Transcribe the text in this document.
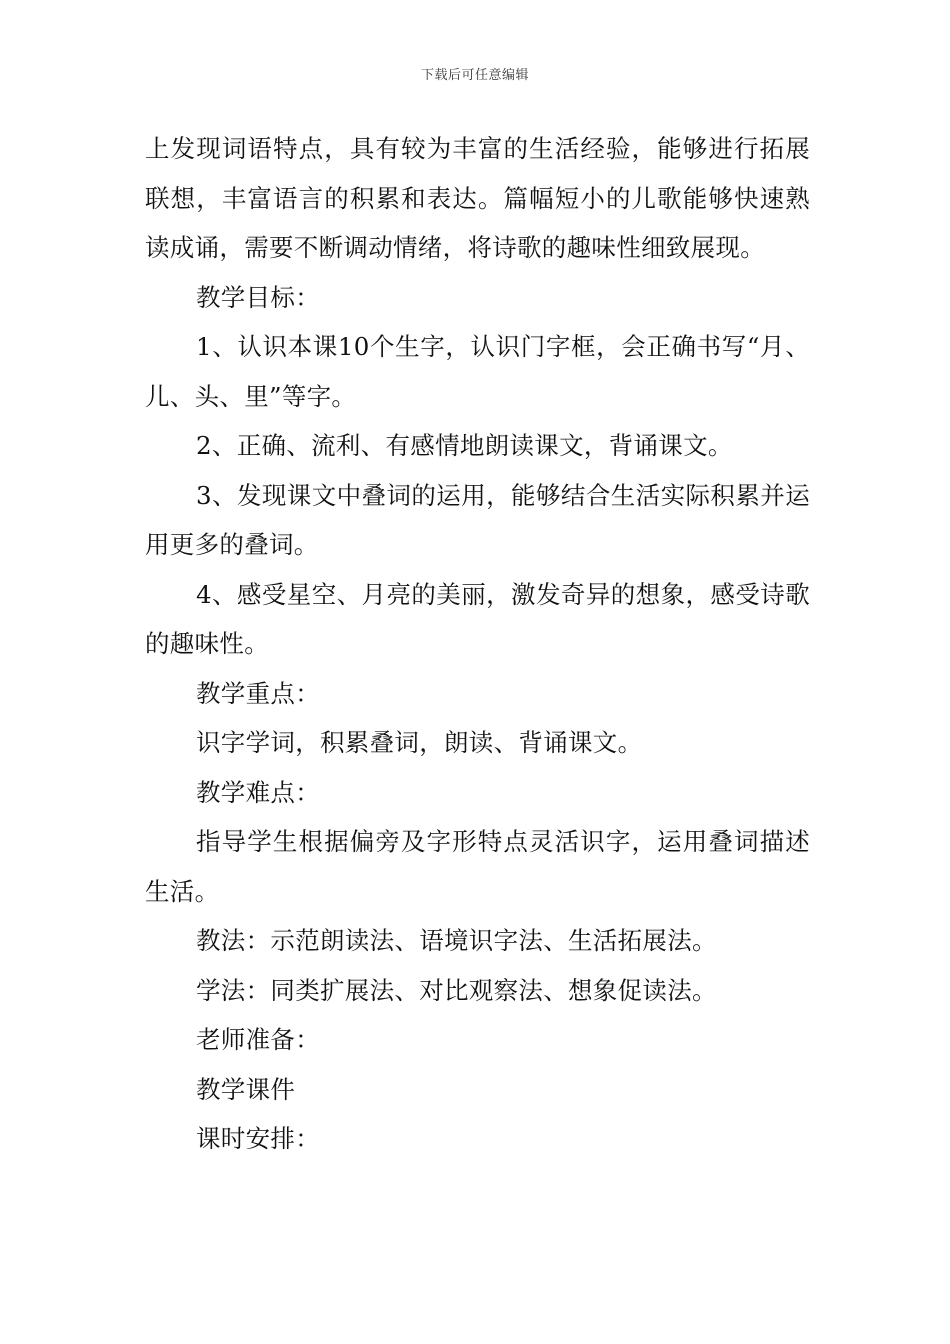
下载后可任意编辑

上发现词语特点，具有较为丰富的生活经验，能够进行拓展联想，丰富语言的积累和表达。篇幅短小的儿歌能够快速熟读成诵，需要不断调动情绪，将诗歌的趣味性细致展现。

教学目标：

1、认识本课10个生字，认识门字框，会正确书写“月、儿、头、里”等字。

2、正确、流利、有感情地朗读课文，背诵课文。

3、发现课文中叠词的运用，能够结合生活实际积累并运用更多的叠词。

4、感受星空、月亮的美丽，激发奇异的想象，感受诗歌的趣味性。

教学重点：

识字学词，积累叠词，朗读、背诵课文。

教学难点：

指导学生根据偏旁及字形特点灵活识字，运用叠词描述生活。

教法：示范朗读法、语境识字法、生活拓展法。

学法：同类扩展法、对比观察法、想象促读法。

老师准备：

教学课件

课时安排：
